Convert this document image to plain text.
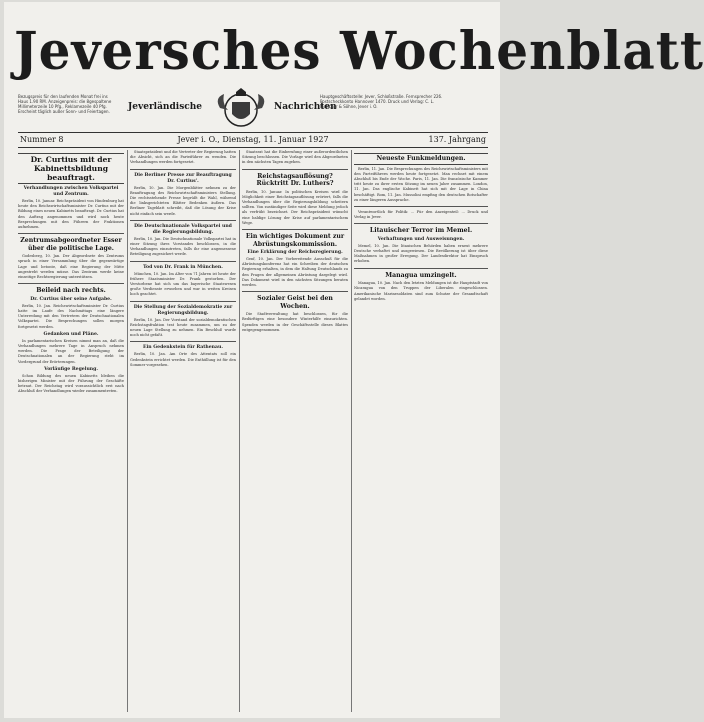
Jeversches Wochenblatt
Bezugspreis für den laufenden Monat frei ins Haus 1.90 RM. Anzeigenpreis: die 8gespaltene Millimeterzeile 10 Pfg., Reklamezeile 40 Pfg. Erscheint täglich außer Sonn- und Feiertagen.
Hauptgeschäftsstelle: Jever, Schloßstraße. Fernsprecher 226. Postscheckkonto Hannover 1470. Druck und Verlag: C. L. Mettcker & Söhne, Jever i. O.
Jeverländische	Nachrichten
Nummer 8	Jever i. O., Dienstag, 11. Januar 1927	137. Jahrgang
Dr. Curtius mit der Kabinettsbildung beauftragt.
Verhandlungen zwischen Volkspartei und Zentrum.

Berlin, 10. Januar. Reichspräsident von Hindenburg hat heute den Reichswirtschaftsminister Dr. Curtius mit der Bildung eines neuen Kabinetts beauftragt. Dr. Curtius hat den Auftrag angenommen und wird noch heute Besprechungen mit den Führern der Fraktionen aufnehmen.

Zentrumsabgeordneter Esser über die politische Lage.

Godesberg, 10. Jan. Der Abgeordnete des Zentrums sprach in einer Versammlung über die gegenwärtige Lage und betonte, daß eine Regierung der Mitte angestrebt werden müsse. Das Zentrum werde keine einseitige Rechtsregierung unterstützen.

Beileid nach rechts.
Dr. Curtius über seine Aufgabe.

Berlin, 10. Jan. Reichswirtschaftsminister Dr. Curtius hatte im Laufe des Nachmittags eine längere Unterredung mit den Vertretern der Deutschnationalen Volkspartei. Die Besprechungen sollen morgen fortgesetzt werden.

Gedanken und Pläne.

In parlamentarischen Kreisen nimmt man an, daß die Verhandlungen mehrere Tage in Anspruch nehmen werden. Die Frage der Beteiligung der Deutschnationalen an der Regierung steht im Vordergrund der Erörterungen.

Vorläufige Regelung.

Schon Bildung des neuen Kabinetts bleiben die bisherigen Minister mit der Führung der Geschäfte betraut. Der Reichstag wird voraussichtlich erst nach Abschluß der Verhandlungen wieder zusammentreten.

Staatspräsident und die Vertreter der Regierung hatten die Absicht, sich an die Parteiführer zu wenden. Die Verhandlungen werden fortgesetzt.

Die Berliner Presse zur Beauftragung Dr. Curtius'.

Berlin, 10. Jan. Die Morgenblätter nehmen zu der Beauftragung des Reichswirtschaftsministers Stellung. Die rechtsstehende Presse begrüßt die Wahl, während die linksgerichteten Blätter Bedenken äußern. Das Berliner Tageblatt schreibt, daß die Lösung der Krise nicht einfach sein werde.

Die Deutschnationale Volkspartei und die Regierungsbildung.

Berlin, 10. Jan. Die Deutschnationale Volkspartei hat in einer Sitzung ihres Vorstandes beschlossen, in die Verhandlungen einzutreten, falls ihr eine angemessene Beteiligung zugesichert werde.

Tod von Dr. Frank in München.

München, 10. Jan. Im Alter von 71 Jahren ist heute der frühere Staatsminister Dr. Frank gestorben. Der Verstorbene hat sich um das bayerische Staatswesen große Verdienste erworben und war in weiten Kreisen hoch geachtet.

Die Stellung der Sozialdemokratie zur Regierungsbildung.

Berlin, 10. Jan. Der Vorstand der sozialdemokratischen Reichstagsfraktion trat heute zusammen, um zu der neuen Lage Stellung zu nehmen. Ein Beschluß wurde noch nicht gefaßt.

Ein Gedenkstein für Rathenau.

Berlin, 10. Jan. Am Orte des Attentats soll ein Gedenkstein errichtet werden. Die Enthüllung ist für den Sommer vorgesehen.

Staatsrat hat die Einberufung einer außerordentlichen Sitzung beschlossen. Die Vorlage wird den Abgeordneten in den nächsten Tagen zugehen.

Reichstagsauflösung? Rücktritt Dr. Luthers?

Berlin, 10. Januar. In politischen Kreisen wird die Möglichkeit einer Reichstagsauflösung erörtert, falls die Verhandlungen über die Regierungsbildung scheitern sollten. Von zuständiger Seite wird diese Meldung jedoch als verfrüht bezeichnet. Der Reichspräsident wünscht eine baldige Lösung der Krise auf parlamentarischem Wege.

Ein wichtiges Dokument zur Abrüstungskommission.
Eine Erklärung der Reichsregierung.

Genf, 10. Jan. Der Vorbereitende Ausschuß für die Abrüstungskonferenz hat ein Schreiben der deutschen Regierung erhalten, in dem die Haltung Deutschlands zu den Fragen der allgemeinen Abrüstung dargelegt wird. Das Dokument wird in den nächsten Sitzungen beraten werden.

Sozialer Geist bei den Wochen.

Die Stadtverwaltung hat beschlossen, für die Bedürftigen eine besondere Winterhilfe einzurichten. Spenden werden in der Geschäftsstelle dieses Blattes entgegengenommen.

Neueste Funkmeldungen.

Berlin, 11. Jan. Die Besprechungen des Reichswirtschaftsministers mit den Parteiführern werden heute fortgesetzt. Man rechnet mit einem Abschluß bis Ende der Woche. Paris, 11. Jan. Die französische Kammer tritt heute zu ihrer ersten Sitzung im neuen Jahre zusammen. London, 11. Jan. Das englische Kabinett hat sich mit der Lage in China beschäftigt. Rom, 11. Jan. Mussolini empfing den deutschen Botschafter zu einer längeren Aussprache.

Verantwortlich für Politik: ... Für den Anzeigenteil: ... Druck und Verlag in Jever.

Litauischer Terror im Memel.
Verhaftungen und Ausweisungen.

Memel, 10. Jan. Die litauischen Behörden haben erneut mehrere Deutsche verhaftet und ausgewiesen. Die Bevölkerung ist über diese Maßnahmen in großer Erregung. Der Landesdirektor hat Einspruch erhoben.

Managua umzingelt.

Managua, 10. Jan. Nach den letzten Meldungen ist die Hauptstadt von Nicaragua von den Truppen der Liberalen eingeschlossen. Amerikanische Marinesoldaten sind zum Schutze der Gesandtschaft gelandet worden.
